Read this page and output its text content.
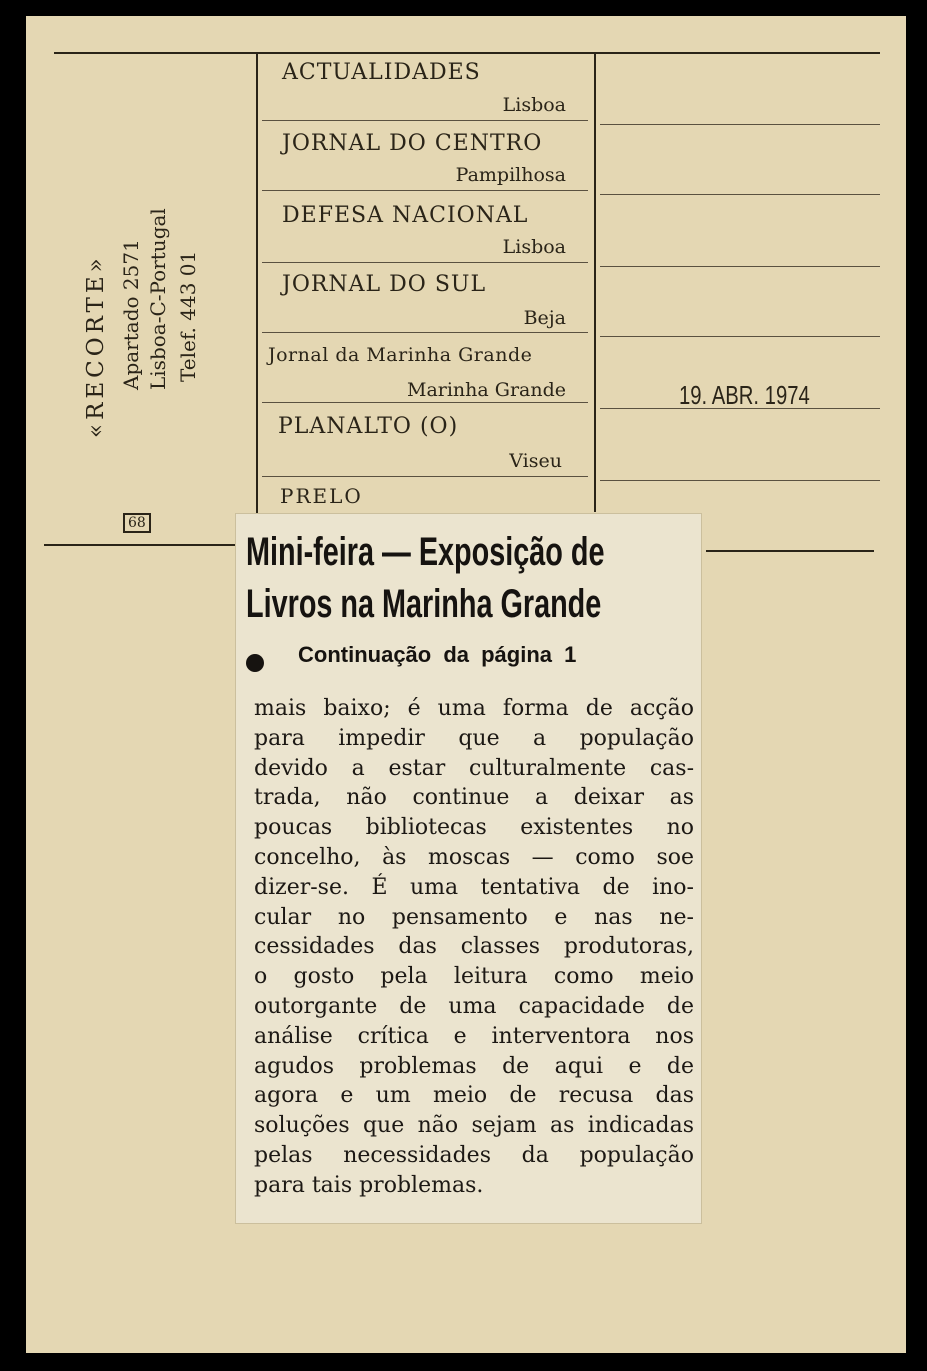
«RECORTE» Apartado 2571 Lisboa-C-Portugal Telef. 443 01
68
ACTUALIDADES
Lisboa
JORNAL DO CENTRO
Pampilhosa
DEFESA NACIONAL
Lisboa
JORNAL DO SUL
Beja
Jornal da Marinha Grande
Marinha Grande
PLANALTO (O)
Viseu
PRELO
19. ABR. 1974
Mini-feira — Exposição de
Livros na Marinha Grande
Continuação da página 1
mais baixo; é uma forma de acção
para impedir que a população
devido a estar culturalmente cas-
trada, não continue a deixar as
poucas bibliotecas existentes no
concelho, às moscas — como soe
dizer-se. É uma tentativa de ino-
cular no pensamento e nas ne-
cessidades das classes produtoras,
o gosto pela leitura como meio
outorgante de uma capacidade de
análise crítica e interventora nos
agudos problemas de aqui e de
agora e um meio de recusa das
soluções que não sejam as indicadas
pelas necessidades da população
para tais problemas.
